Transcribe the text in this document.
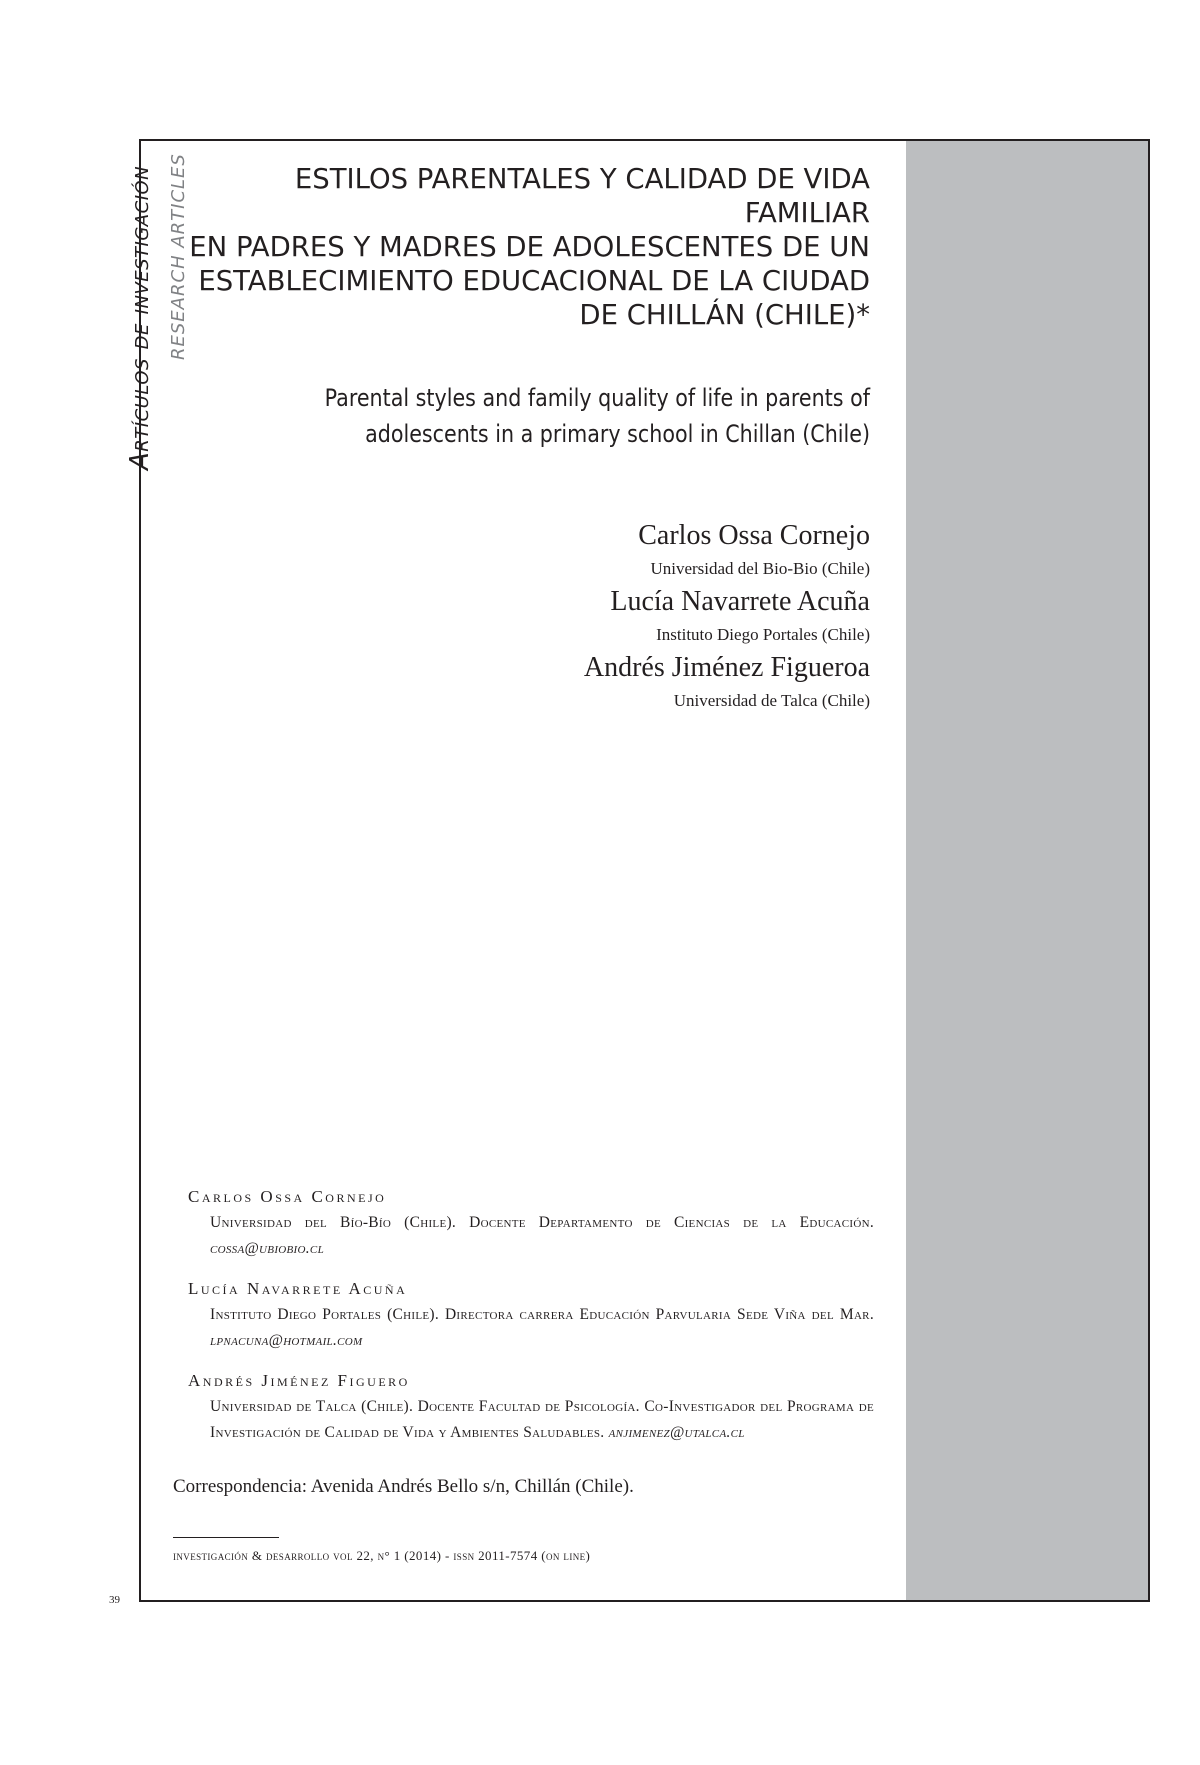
Artículos de investigación RESEARCH ARTICLES	ESTILOS PARENTALES Y CALIDAD DE VIDA FAMILIAR
EN PADRES Y MADRES DE ADOLESCENTES DE UN
ESTABLECIMIENTO EDUCACIONAL DE LA CIUDAD
DE CHILLÁN (CHILE)*
Parental styles and family quality of life in parents of
adolescents in a primary school in Chillan (Chile)
Carlos Ossa Cornejo
Universidad del Bio-Bio (Chile)
Lucía Navarrete Acuña
Instituto Diego Portales (Chile)
Andrés Jiménez Figueroa
Universidad de Talca (Chile)
Carlos Ossa Cornejo
Universidad del Bío-Bío (Chile). Docente Departamento de Ciencias de la Educación. cossa@ubiobio.cl
Lucía Navarrete Acuña
Instituto Diego Portales (Chile). Directora carrera Educación Parvularia Sede Viña del Mar. lpnacuna@hotmail.com
Andrés Jiménez Figuero
Universidad de Talca (Chile). Docente Facultad de Psicología. Co-Investigador del Programa de Investigación de Calidad de Vida y Ambientes Saludables. anjimenez@utalca.cl
Correspondencia: Avenida Andrés Bello s/n, Chillán (Chile).
investigación & desarrollo vol 22, n° 1 (2014) - issn 2011-7574 (on line)
39
